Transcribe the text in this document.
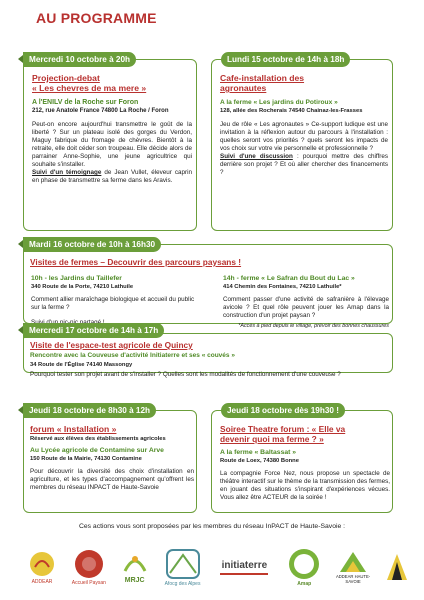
AU PROGRAMME
Projection-debat
« Les chevres de ma mere »
A l'ENILV de la Roche sur Foron
212, rue Anatole France 74800 La Roche / Foron
Peut-on encore aujourd'hui transmettre le goût de la liberté ? Sur un plateau isolé des gorges du Verdon, Maguy fabrique du fromage de chèvres. Bientôt à la retraite, elle doit céder son troupeau. Elle décide alors de parrainer Anne-Sophie, une jeune agricultrice qui souhaite s'installer.
Suivi d'un témoignage de Jean Vullet, éleveur caprin en phase de transmettre sa ferme dans les Aravis.
Mercredi 10 octobre à 20h
Cafe-installation des
agronautes
A la ferme « Les jardins du Potiroux »
128, allée des Rocherais 74540 Chainaz-les-Frasses
Jeu de rôle « Les agronautes » Ce-support ludique est une invitation à la réflexion autour du parcours à l'installation : quelles seront vos priorités ? quels seront les impacts de vos choix sur votre vie personnelle et professionnelle ?
Suivi d'une discussion : pourquoi mettre des chiffres derrière son projet ? Et où aller chercher des financements ?
Lundi 15 octobre de 14h à 18h
Visites de fermes – Decouvrir des parcours paysans !
10h - les Jardins du Taillefer
340 Route de la Porte, 74210 Lathuile
Comment allier maraîchage biologique et accueil du public sur la ferme ?
14h - ferme « Le Safran du Bout du Lac »
414 Chemin des Fontaines, 74210 Lathuile*
Comment passer d'une activité de safranière à l'élevage avicole ? Et quel rôle peuvent jouer les Amap dans la construction d'un projet paysan ?
*Accès à pied depuis le village, prévoir des bonnes chaussures
Mardi 16 octobre de 10h à 16h30
Visite de l'espace-test agricole de Quincy
Rencontre avec la Couveuse d'activité Initiaterre et ses « couvés »
34 Route de l'Église 74140 Massongy
Pourquoi tester son projet avant de s'installer ? Quelles sont les modalités de fonctionnement d'une couveuse ?
Mercredi 17 octobre de 14h à 17h
forum « Installation »
Réservé aux élèves des établissements agricoles
Au Lycée agricole de Contamine sur Arve
150 Route de la Mairie, 74130 Contamine
Pour découvrir la diversité des choix d'installation en agriculture, et les types d'accompagnement qu'offrent les membres du réseau INPACT de Haute-Savoie
Jeudi 18 octobre de 8h30 à 12h
Soiree Theatre forum : « Elle va
devenir quoi ma ferme ? »
A la ferme « Baltassat »
Route de Loex, 74380 Bonne
La compagnie Force Nez, nous propose un spectacle de théâtre interactif sur le thème de la transmission des fermes, en jouant des situations s'inspirant d'expériences vécues. Vous allez être ACTEUR de la soirée !
Jeudi 18 octobre dès 19h30 !
Ces actions vous sont proposées par les membres du réseau InPACT de Haute-Savoie :
ADDEAR	Accueil Paysan	MRJC
Afocg des Alpes
initiaterre
Amap
ADDEAR HAUTE-SAVOIE
